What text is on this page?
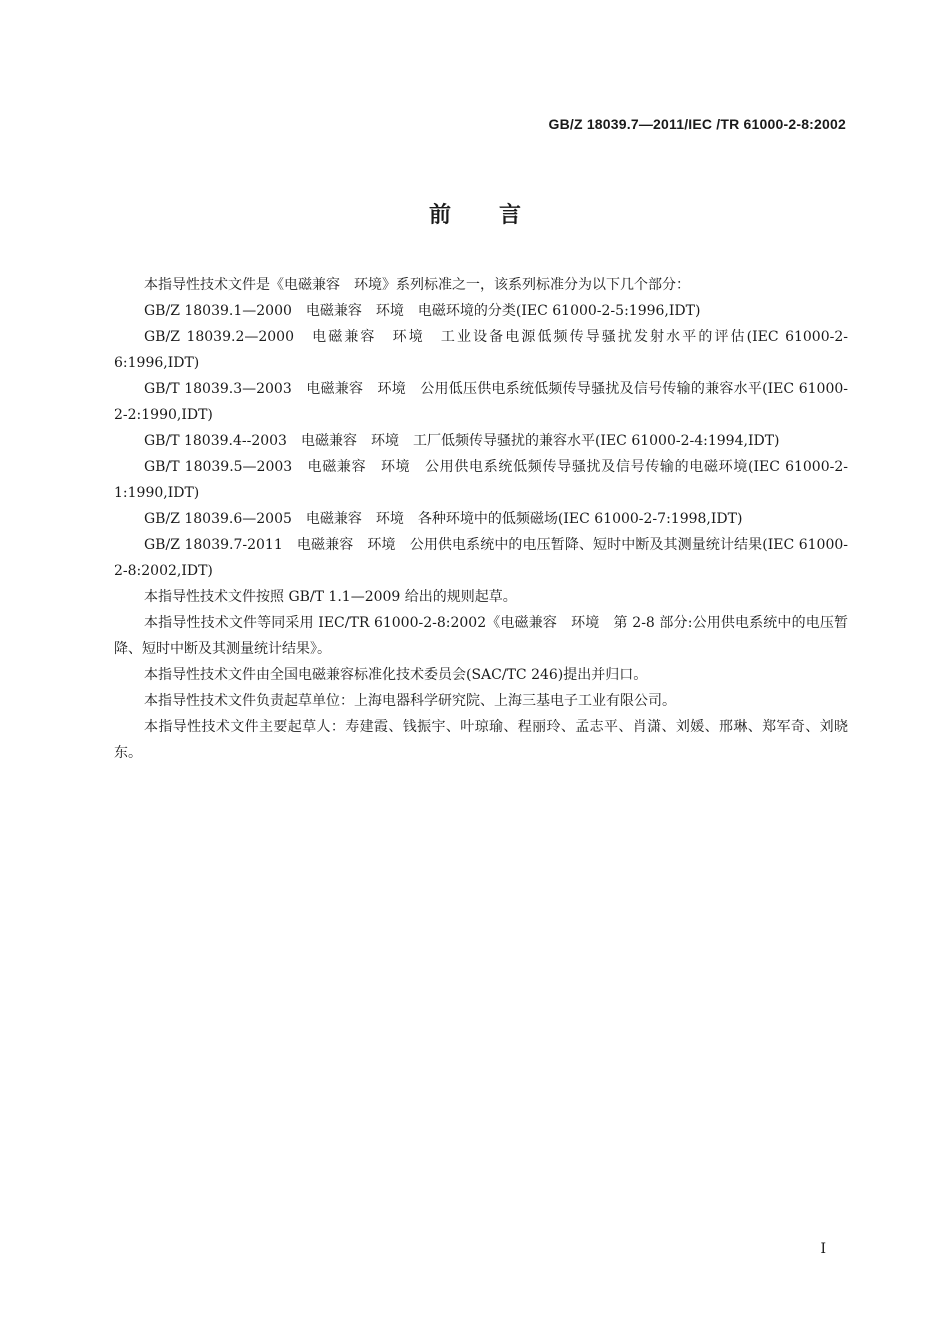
GB/Z 18039.7—2011/IEC /TR 61000-2-8:2002
前言

本指导性技术文件是《电磁兼容　环境》系列标准之一，该系列标准分为以下几个部分：

GB/Z 18039.1—2000　电磁兼容　环境　电磁环境的分类(IEC 61000-2-5:1996,IDT)

GB/Z 18039.2—2000　电磁兼容　环境　工业设备电源低频传导骚扰发射水平的评估(IEC 61000-2-6:1996,IDT)

GB/T 18039.3—2003　电磁兼容　环境　公用低压供电系统低频传导骚扰及信号传输的兼容水平(IEC 61000-2-2:1990,IDT)

GB/T 18039.4--2003　电磁兼容　环境　工厂低频传导骚扰的兼容水平(IEC 61000-2-4:1994,IDT)

GB/T 18039.5—2003　电磁兼容　环境　公用供电系统低频传导骚扰及信号传输的电磁环境(IEC 61000-2-1:1990,IDT)

GB/Z 18039.6—2005　电磁兼容　环境　各种环境中的低频磁场(IEC 61000-2-7:1998,IDT)

GB/Z 18039.7-2011　电磁兼容　环境　公用供电系统中的电压暂降、短时中断及其测量统计结果(IEC 61000-2-8:2002,IDT)

本指导性技术文件按照 GB/T 1.1—2009 给出的规则起草。

本指导性技术文件等同采用 IEC/TR 61000-2-8:2002《电磁兼容　环境　第 2-8 部分:公用供电系统中的电压暂降、短时中断及其测量统计结果》。

本指导性技术文件由全国电磁兼容标准化技术委员会(SAC/TC 246)提出并归口。

本指导性技术文件负责起草单位：上海电器科学研究院、上海三基电子工业有限公司。

本指导性技术文件主要起草人：寿建霞、钱振宇、叶琼瑜、程丽玲、孟志平、肖潇、刘媛、邢琳、郑军奇、刘晓东。

I
